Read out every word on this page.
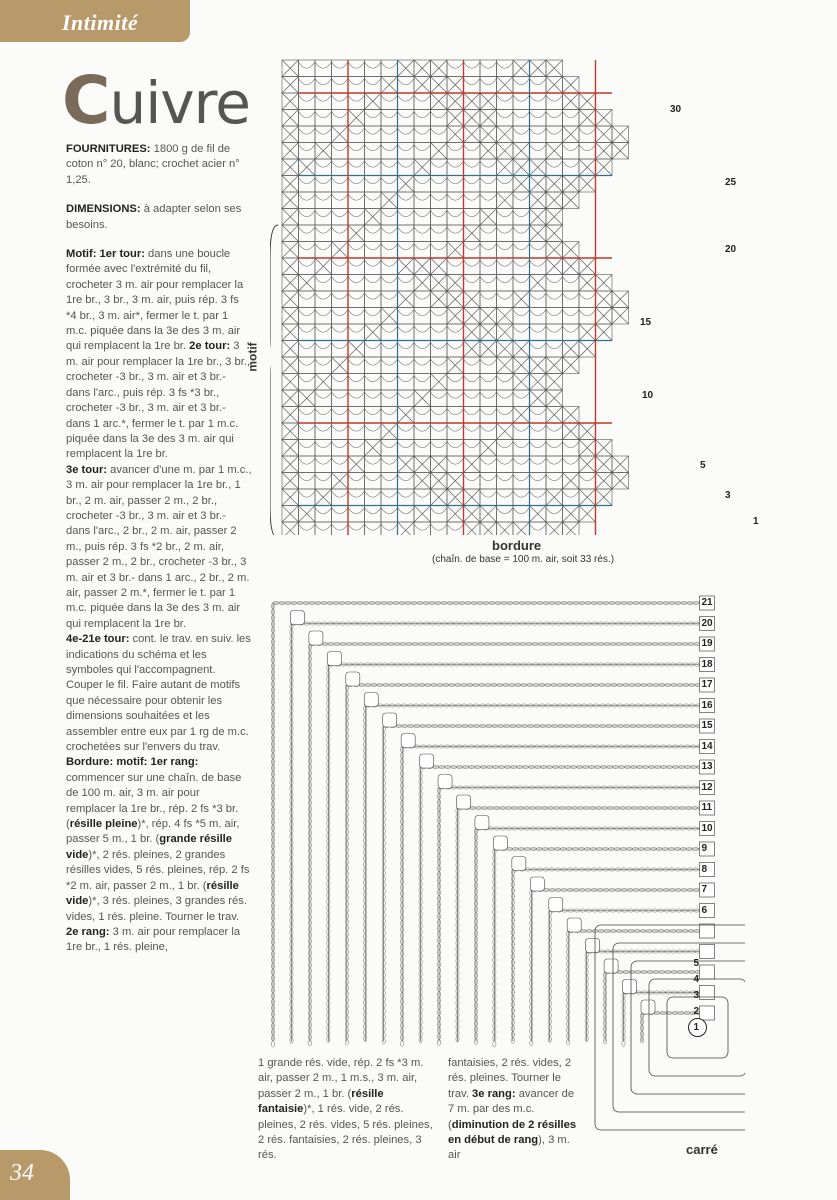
Intimité
Cuivre

FOURNITURES: 1800 g de fil de coton n° 20, blanc; crochet acier n° 1,25.

DIMENSIONS: à adapter selon ses besoins.

Motif: 1er tour: dans une boucle formée avec l'extrémité du fil, crocheter 3 m. air pour remplacer la 1re br., 3 br., 3 m. air, puis rép. 3 fs *4 br., 3 m. air*, fermer le t. par 1 m.c. piquée dans la 3e des 3 m. air qui remplacent la 1re br. 2e tour: 3 m. air pour remplacer la 1re br., 3 br., crocheter -3 br., 3 m. air et 3 br.- dans l'arc., puis rép. 3 fs *3 br., crocheter -3 br., 3 m. air et 3 br.- dans 1 arc.*, fermer le t. par 1 m.c. piquée dans la 3e des 3 m. air qui remplacent la 1re br.

3e tour: avancer d'une m. par 1 m.c., 3 m. air pour remplacer la 1re br., 1 br., 2 m. air, passer 2 m., 2 br., crocheter -3 br., 3 m. air et 3 br.- dans l'arc., 2 br., 2 m. air, passer 2 m., puis rép. 3 fs *2 br., 2 m. air, passer 2 m., 2 br., crocheter -3 br., 3 m. air et 3 br.- dans 1 arc., 2 br., 2 m. air, passer 2 m.*, fermer le t. par 1 m.c. piquée dans la 3e des 3 m. air qui remplacent la 1re br.

4e-21e tour: cont. le trav. en suiv. les indications du schéma et les symboles qui l'accompagnent. Couper le fil. Faire autant de motifs que nécessaire pour obtenir les dimensions souhaitées et les assembler entre eux par 1 rg de m.c. crochetées sur l'envers du trav.

Bordure: motif: 1er rang: commencer sur une chaîn. de base de 100 m. air, 3 m. air pour remplacer la 1re br., rép. 2 fs *3 br. (résille pleine)*, rép. 4 fs *5 m. air, passer 5 m., 1 br. (grande résille vide)*, 2 rés. pleines, 2 grandes résilles vides, 5 rés. pleines, rép. 2 fs *2 m. air, passer 2 m., 1 br. (résille vide)*, 3 rés. pleines, 3 grandes rés. vides, 1 rés. pleine. Tourner le trav. 2e rang: 3 m. air pour remplacer la 1re br., 1 rés. pleine,

1 grande rés. vide, rép. 2 fs *3 m. air, passer 2 m., 1 m.s., 3 m. air, passer 2 m., 1 br. (résille fantaisie)*, 1 rés. vide, 2 rés. pleines, 2 rés. vides, 5 rés. pleines, 2 rés. fantaisies, 2 rés. pleines, 3 rés.

fantaisies, 2 rés. vides, 2 rés. pleines. Tourner le trav. 3e rang: avancer de 7 m. par des m.c. (diminution de 2 résilles en début de rang), 3 m. air

motif
bordure
(chaîn. de base = 100 m. air, soit 33 rés.)
30
25
20
15
10
5
3
1
carré
21
20
19
18
17
16
15
14
13
12
11
10
9
8
7
6
5
4
3
2
1
34
